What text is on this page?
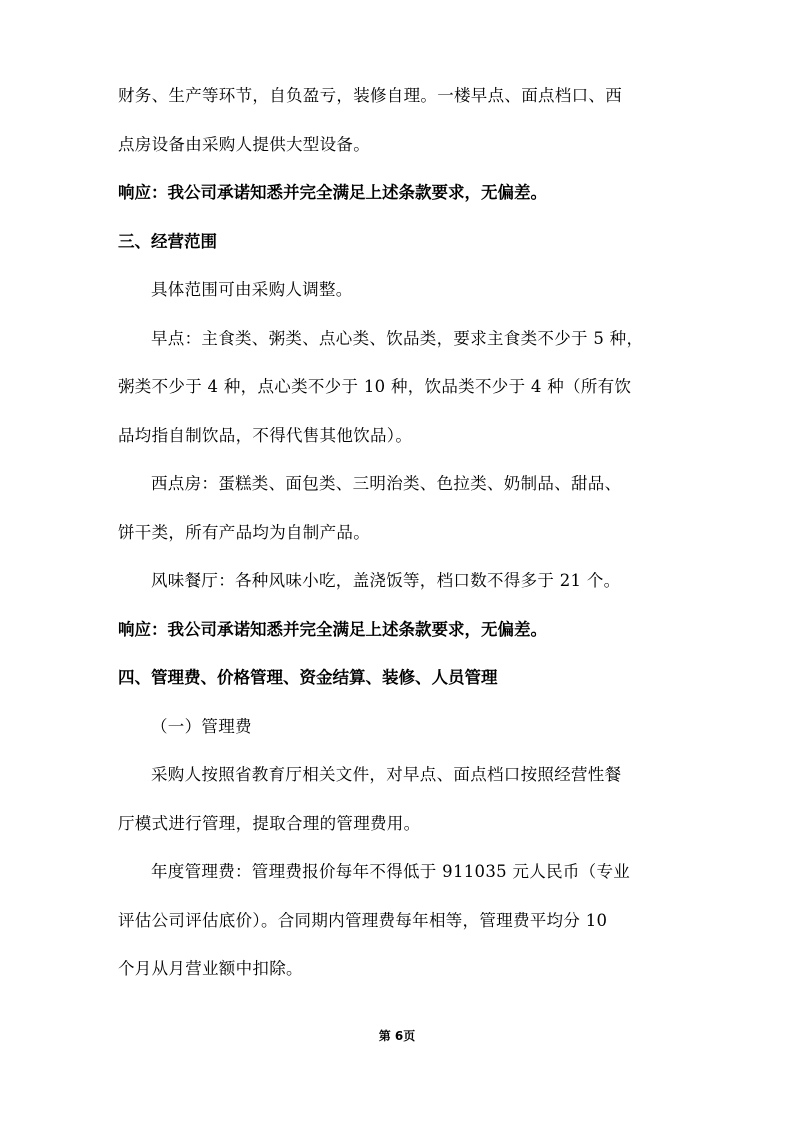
财务、生产等环节，自负盈亏，装修自理。一楼早点、面点档口、西
点房设备由采购人提供大型设备。
响应：我公司承诺知悉并完全满足上述条款要求，无偏差。
三、经营范围
具体范围可由采购人调整。
早点：主食类、粥类、点心类、饮品类，要求主食类不少于 5 种，
粥类不少于 4 种，点心类不少于 10 种，饮品类不少于 4 种（所有饮
品均指自制饮品，不得代售其他饮品）。
西点房：蛋糕类、面包类、三明治类、色拉类、奶制品、甜品、
饼干类，所有产品均为自制产品。
风味餐厅：各种风味小吃，盖浇饭等，档口数不得多于 21 个。
响应：我公司承诺知悉并完全满足上述条款要求，无偏差。
四、管理费、价格管理、资金结算、装修、人员管理
（一）管理费
采购人按照省教育厅相关文件，对早点、面点档口按照经营性餐
厅模式进行管理，提取合理的管理费用。
年度管理费：管理费报价每年不得低于 911035 元人民币（专业
评估公司评估底价）。合同期内管理费每年相等，管理费平均分 10
个月从月营业额中扣除。
第 6页
